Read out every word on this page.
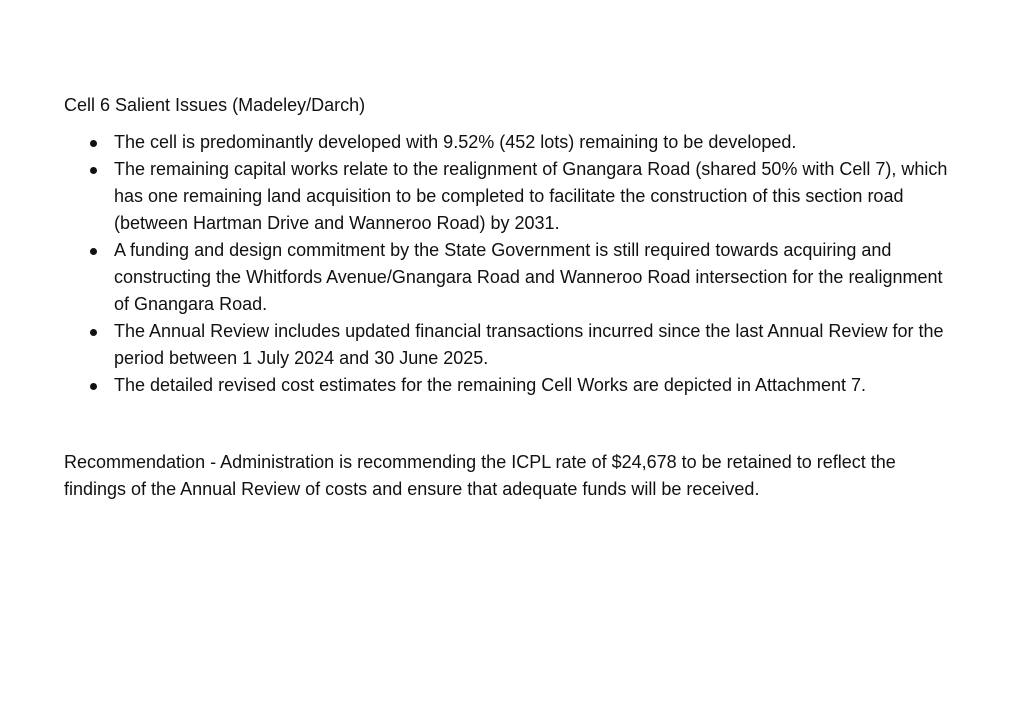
Cell 6 Salient Issues (Madeley/Darch)

The cell is predominantly developed with 9.52% (452 lots) remaining to be developed.
The remaining capital works relate to the realignment of Gnangara Road (shared 50% with Cell 7), which has one remaining land acquisition to be completed to facilitate the construction of this section road (between Hartman Drive and Wanneroo Road) by 2031.
A funding and design commitment by the State Government is still required towards acquiring and constructing the Whitfords Avenue/Gnangara Road and Wanneroo Road intersection for the realignment of Gnangara Road.
The Annual Review includes updated financial transactions incurred since the last Annual Review for the period between 1 July 2024 and 30 June 2025.
The detailed revised cost estimates for the remaining Cell Works are depicted in Attachment 7.

Recommendation - Administration is recommending the ICPL rate of $24,678 to be retained to reflect the findings of the Annual Review of costs and ensure that adequate funds will be received.
